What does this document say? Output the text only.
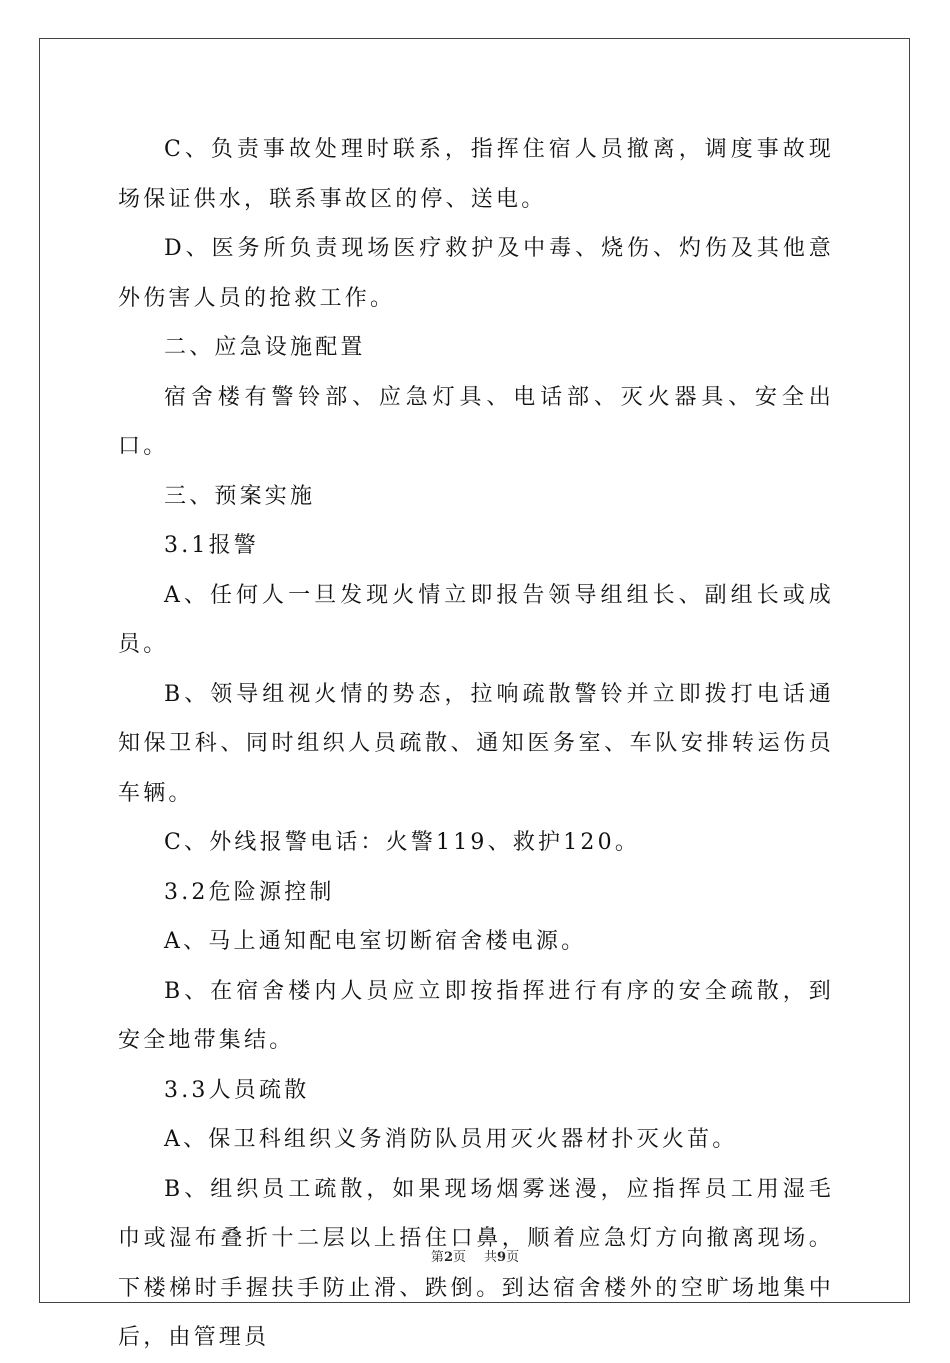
C、负责事故处理时联系，指挥住宿人员撤离，调度事故现场保证供水，联系事故区的停、送电。

D、医务所负责现场医疗救护及中毒、烧伤、灼伤及其他意外伤害人员的抢救工作。

二、应急设施配置

宿舍楼有警铃部、应急灯具、电话部、灭火器具、安全出口。

三、预案实施

3.1报警

A、任何人一旦发现火情立即报告领导组组长、副组长或成员。

B、领导组视火情的势态，拉响疏散警铃并立即拨打电话通知保卫科、同时组织人员疏散、通知医务室、车队安排转运伤员车辆。

C、外线报警电话：火警119、救护120。

3.2危险源控制

A、马上通知配电室切断宿舍楼电源。

B、在宿舍楼内人员应立即按指挥进行有序的安全疏散，到安全地带集结。

3.3人员疏散

A、保卫科组织义务消防队员用灭火器材扑灭火苗。

B、组织员工疏散，如果现场烟雾迷漫，应指挥员工用湿毛巾或湿布叠折十二层以上捂住口鼻，顺着应急灯方向撤离现场。下楼梯时手握扶手防止滑、跌倒。到达宿舍楼外的空旷场地集中后，由管理员

第2页 共9页
